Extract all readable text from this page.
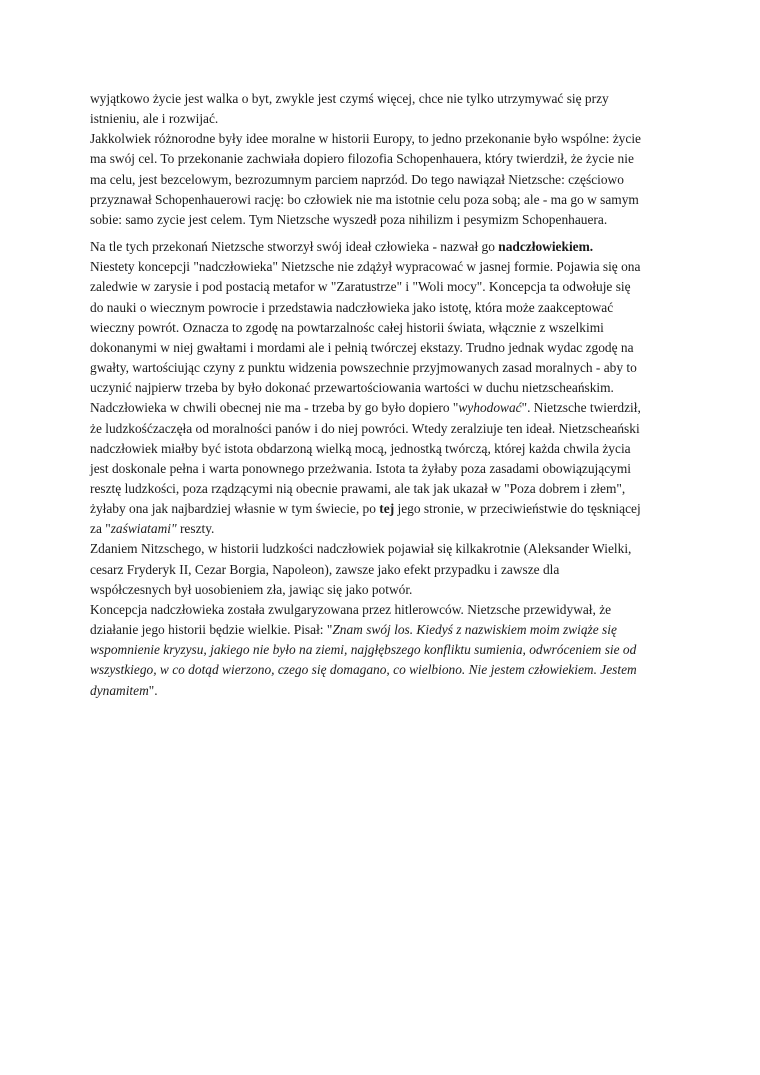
wyjątkowo życie jest walka o byt, zwykle jest czymś więcej, chce nie tylko utrzymywać się przy
istnieniu, ale i rozwijać.

Jakkolwiek różnorodne były idee moralne w historii Europy, to jedno przekonanie było wspólne: życie
ma swój cel. To przekonanie zachwiała dopiero filozofia Schopenhauera, który twierdził, że życie nie
ma celu, jest bezcelowym, bezrozumnym parciem naprzód. Do tego nawiązał Nietzsche: częściowo
przyznawał Schopenhauerowi rację: bo człowiek nie ma istotnie celu poza sobą; ale - ma go w samym
sobie: samo zycie jest celem. Tym Nietzsche wyszedł poza nihilizm i pesymizm Schopenhauera.

Na tle tych przekonań Nietzsche stworzył swój ideał człowieka - nazwał go nadczłowiekiem.
Niestety koncepcji "nadczłowieka" Nietzsche nie zdążył wypracować w jasnej formie. Pojawia się ona
zaledwie w zarysie i pod postacią metafor w "Zaratustrze" i "Woli mocy". Koncepcja ta odwołuje się
do nauki o wiecznym powrocie i przedstawia nadczłowieka jako istotę, która może zaakceptować
wieczny powrót. Oznacza to zgodę na powtarzalnośc całej historii świata, włącznie z wszelkimi
dokonanymi w niej gwałtami i mordami ale i pełnią twórczej ekstazy. Trudno jednak wydac zgodę na
gwałty, wartościując czyny z punktu widzenia powszechnie przyjmowanych zasad moralnych - aby to
uczynić najpierw trzeba by było dokonać przewartościowania wartości w duchu nietzscheańskim.
Nadczłowieka w chwili obecnej nie ma - trzeba by go było dopiero "wyhodować". Nietzsche twierdził,
że ludzkośćzaczęła od moralności panów i do niej powróci. Wtedy zeralziuje ten ideał. Nietzscheański
nadczłowiek miałby być istota obdarzoną wielką mocą, jednostką twórczą, której każda chwila życia
jest doskonale pełna i warta ponownego przeżwania. Istota ta żyłaby poza zasadami obowiązującymi
resztę ludzkości, poza rządzącymi nią obecnie prawami, ale tak jak ukazał w "Poza dobrem i złem",
żyłaby ona jak najbardziej własnie w tym świecie, po tej jego stronie, w przeciwieństwie do tęskniącej
za "zaświatami" reszty.

Zdaniem Nitzschego, w historii ludzkości nadczłowiek pojawiał się kilkakrotnie (Aleksander Wielki,
cesarz Fryderyk II, Cezar Borgia, Napoleon), zawsze jako efekt przypadku i zawsze dla
współczesnych był uosobieniem zła, jawiąc się jako potwór.

Koncepcja nadczłowieka została zwulgaryzowana przez hitlerowców. Nietzsche przewidywał, że
działanie jego historii będzie wielkie. Pisał: "Znam swój los. Kiedyś z nazwiskiem moim zwiąże się
wspomnienie kryzysu, jakiego nie było na ziemi, najgłębszego konfliktu sumienia, odwróceniem sie od
wszystkiego, w co dotąd wierzono, czego się domagano, co wielbiono. Nie jestem człowiekiem. Jestem
dynamitem".
